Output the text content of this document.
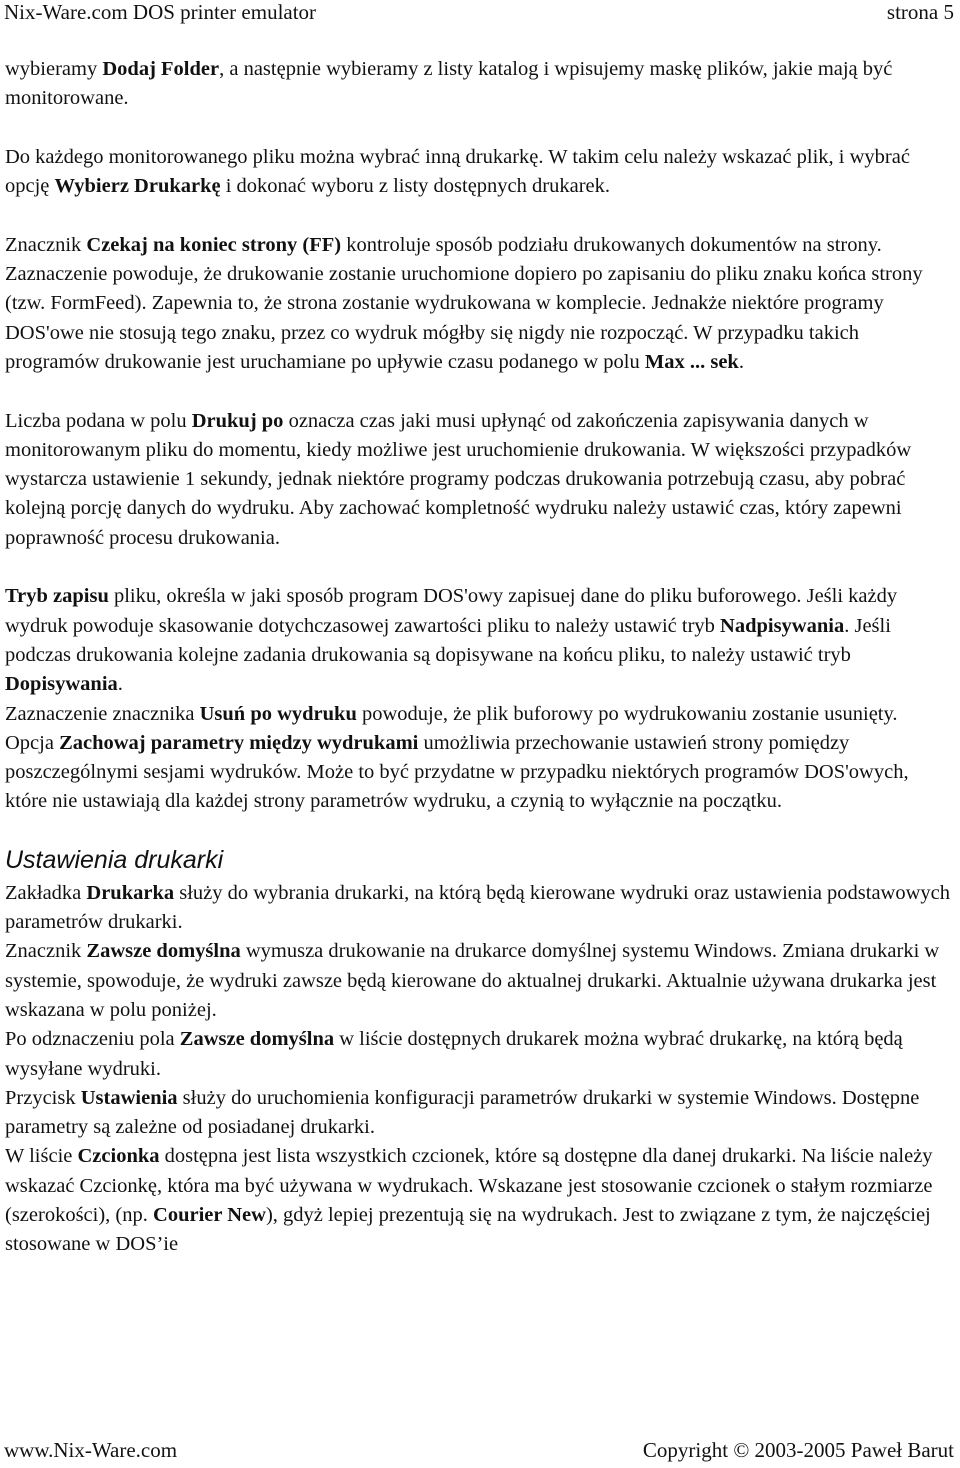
Nix-Ware.com DOS printer emulator	strona 5

wybieramy Dodaj Folder, a następnie wybieramy z listy katalog i wpisujemy maskę plików, jakie mają być monitorowane.

Do każdego monitorowanego pliku można wybrać inną drukarkę. W takim celu należy wskazać plik, i wybrać opcję Wybierz Drukarkę i dokonać wyboru z listy dostępnych drukarek.

Znacznik Czekaj na koniec strony (FF) kontroluje sposób podziału drukowanych dokumentów na strony. Zaznaczenie powoduje, że drukowanie zostanie uruchomione dopiero po zapisaniu do pliku znaku końca strony (tzw. FormFeed). Zapewnia to, że strona zostanie wydrukowana w komplecie. Jednakże niektóre programy DOS'owe nie stosują tego znaku, przez co wydruk mógłby się nigdy nie rozpocząć. W przypadku takich programów drukowanie jest uruchamiane po upływie czasu podanego w polu Max ... sek.

Liczba podana w polu Drukuj po oznacza czas jaki musi upłynąć od zakończenia zapisywania danych w monitorowanym pliku do momentu, kiedy możliwe jest uruchomienie drukowania. W większości przypadków wystarcza ustawienie 1 sekundy, jednak niektóre programy podczas drukowania potrzebują czasu, aby pobrać kolejną porcję danych do wydruku. Aby zachować kompletność wydruku należy ustawić czas, który zapewni poprawność procesu drukowania.

Tryb zapisu pliku, określa w jaki sposób program DOS'owy zapisuej dane do pliku buforowego. Jeśli każdy wydruk powoduje skasowanie dotychczasowej zawartości pliku to należy ustawić tryb Nadpisywania. Jeśli podczas drukowania kolejne zadania drukowania są dopisywane na końcu pliku, to należy ustawić tryb Dopisywania.

Zaznaczenie znacznika Usuń po wydruku powoduje, że plik buforowy po wydrukowaniu zostanie usunięty.

Opcja Zachowaj parametry między wydrukami umożliwia przechowanie ustawień strony pomiędzy poszczególnymi sesjami wydruków. Może to być przydatne w przypadku niektórych programów DOS'owych, które nie ustawiają dla każdej strony parametrów wydruku, a czynią to wyłącznie na początku.

Ustawienia drukarki

Zakładka Drukarka służy do wybrania drukarki, na którą będą kierowane wydruki oraz ustawienia podstawowych parametrów drukarki.

Znacznik Zawsze domyślna wymusza drukowanie na drukarce domyślnej systemu Windows. Zmiana drukarki w systemie, spowoduje, że wydruki zawsze będą kierowane do aktualnej drukarki. Aktualnie używana drukarka jest wskazana w polu poniżej.

Po odznaczeniu pola Zawsze domyślna w liście dostępnych drukarek można wybrać drukarkę, na którą będą wysyłane wydruki.

Przycisk Ustawienia służy do uruchomienia konfiguracji parametrów drukarki w systemie Windows. Dostępne parametry są zależne od posiadanej drukarki.

W liście Czcionka dostępna jest lista wszystkich czcionek, które są dostępne dla danej drukarki. Na liście należy wskazać Czcionkę, która ma być używana w wydrukach. Wskazane jest stosowanie czcionek o stałym rozmiarze (szerokości), (np. Courier New), gdyż lepiej prezentują się na wydrukach. Jest to związane z tym, że najczęściej stosowane w DOS’ie

www.Nix-Ware.com	Copyright © 2003-2005 Paweł Barut
